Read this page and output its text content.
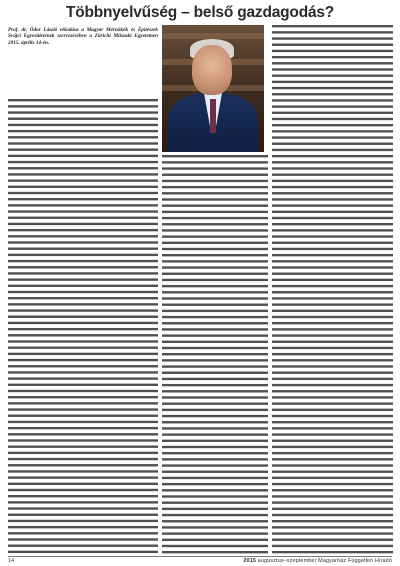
Többnyelvűség – belső gazdagodás?
Prof. dr. Ódor László előadása a Magyar Mérnökök és Építészek Svájci Egyesületének szervezésében a Zürichi Műszaki Egyetemen 2015. április 14-én.
14	2015 augusztus–szeptember Magyarház Független Híradó
